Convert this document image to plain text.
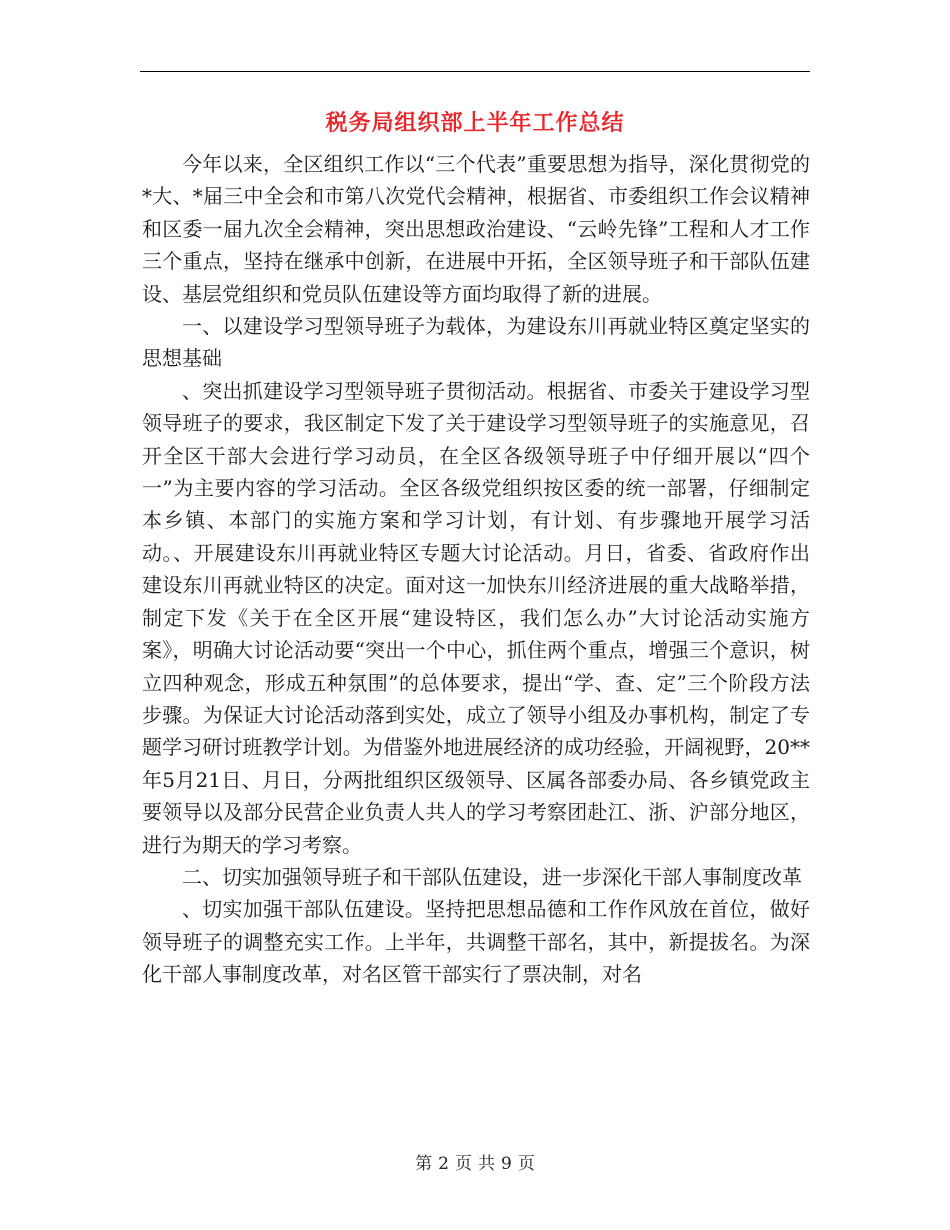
税务局组织部上半年工作总结

今年以来，全区组织工作以“三个代表”重要思想为指导，深化贯彻党的*大、*届三中全会和市第八次党代会精神，根据省、市委组织工作会议精神和区委一届九次全会精神，突出思想政治建设、“云岭先锋”工程和人才工作三个重点，坚持在继承中创新，在进展中开拓，全区领导班子和干部队伍建设、基层党组织和党员队伍建设等方面均取得了新的进展。

一、以建设学习型领导班子为载体，为建设东川再就业特区奠定坚实的思想基础

、突出抓建设学习型领导班子贯彻活动。根据省、市委关于建设学习型领导班子的要求，我区制定下发了关于建设学习型领导班子的实施意见，召开全区干部大会进行学习动员，在全区各级领导班子中仔细开展以“四个一”为主要内容的学习活动。全区各级党组织按区委的统一部署，仔细制定本乡镇、本部门的实施方案和学习计划，有计划、有步骤地开展学习活动。、开展建设东川再就业特区专题大讨论活动。月日，省委、省政府作出建设东川再就业特区的决定。面对这一加快东川经济进展的重大战略举措，制定下发《关于在全区开展“建设特区，我们怎么办”大讨论活动实施方案》，明确大讨论活动要“突出一个中心，抓住两个重点，增强三个意识，树立四种观念，形成五种氛围”的总体要求，提出“学、查、定”三个阶段方法步骤。为保证大讨论活动落到实处，成立了领导小组及办事机构，制定了专题学习研讨班教学计划。为借鉴外地进展经济的成功经验，开阔视野，20**年5月21日、月日，分两批组织区级领导、区属各部委办局、各乡镇党政主要领导以及部分民营企业负责人共人的学习考察团赴江、浙、沪部分地区，进行为期天的学习考察。

二、切实加强领导班子和干部队伍建设，进一步深化干部人事制度改革

、切实加强干部队伍建设。坚持把思想品德和工作作风放在首位，做好领导班子的调整充实工作。上半年，共调整干部名，其中，新提拔名。为深化干部人事制度改革，对名区管干部实行了票决制，对名

第 2 页 共 9 页
